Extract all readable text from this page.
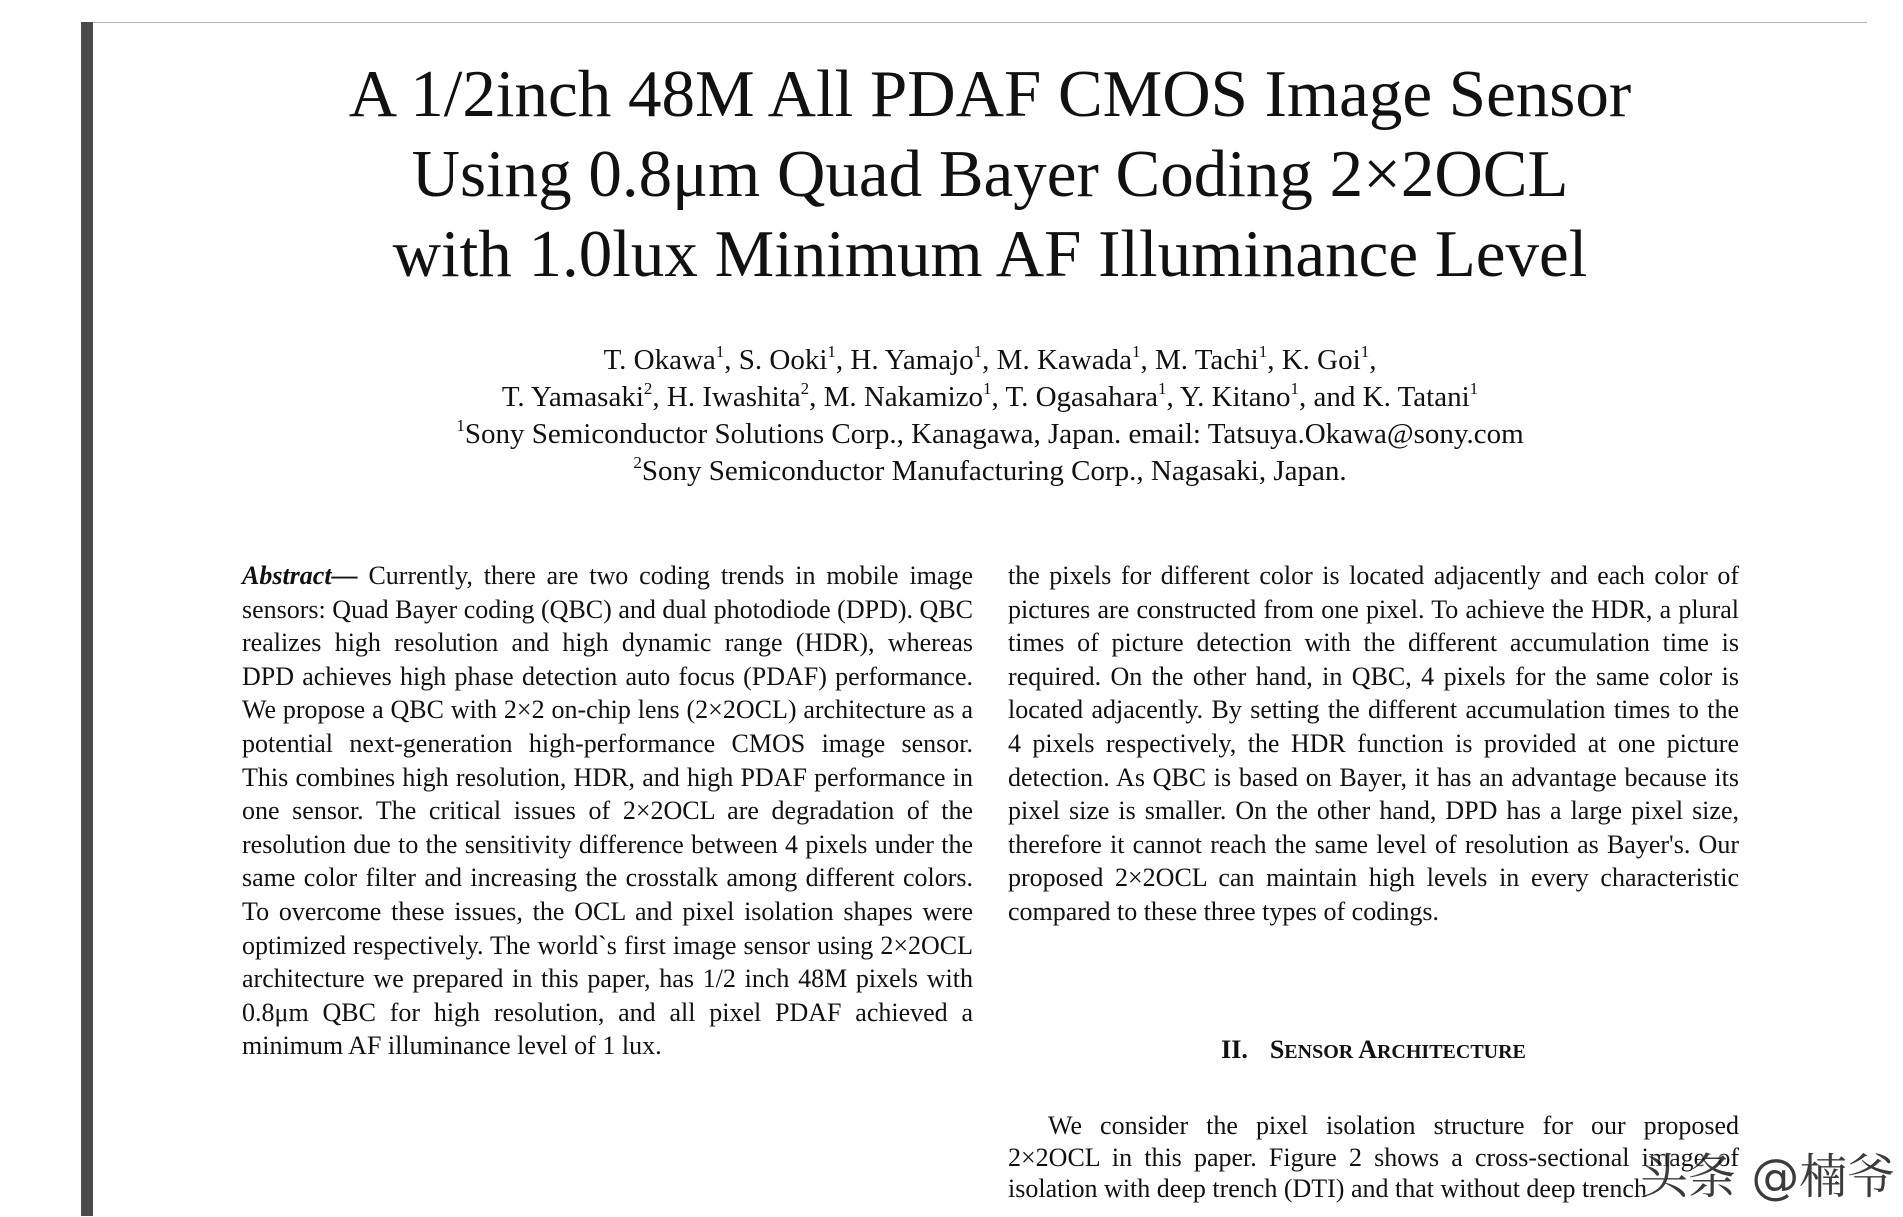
A 1/2inch 48M All PDAF CMOS Image Sensor
Using 0.8μm Quad Bayer Coding 2×2OCL
with 1.0lux Minimum AF Illuminance Level
T. Okawa$^1$, S. Ooki$^1$, H. Yamajo$^1$, M. Kawada$^1$, M. Tachi$^1$, K. Goi$^1$,
T. Yamasaki$^2$, H. Iwashita$^2$, M. Nakamizo$^1$, T. Ogasahara$^1$, Y. Kitano$^1$, and K. Tatani$^1$
$^1$Sony Semiconductor Solutions Corp., Kanagawa, Japan. email: Tatsuya.Okawa@sony.com
$^2$Sony Semiconductor Manufacturing Corp., Nagasaki, Japan.

Abstract— Currently, there are two coding trends in mobile image sensors: Quad Bayer coding (QBC) and dual photodiode (DPD). QBC realizes high resolution and high dynamic range (HDR), whereas DPD achieves high phase detection auto focus (PDAF) performance. We propose a QBC with 2×2 on-chip lens (2×2OCL) architecture as a potential next-generation high-performance CMOS image sensor. This combines high resolution, HDR, and high PDAF performance in one sensor. The critical issues of 2×2OCL are degradation of the resolution due to the sensitivity difference between 4 pixels under the same color filter and increasing the crosstalk among different colors. To overcome these issues, the OCL and pixel isolation shapes were optimized respectively. The world`s first image sensor using 2×2OCL architecture we prepared in this paper, has 1/2 inch 48M pixels with 0.8μm QBC for high resolution, and all pixel PDAF achieved a minimum AF illuminance level of 1 lux.

the pixels for different color is located adjacently and each color of pictures are constructed from one pixel. To achieve the HDR, a plural times of picture detection with the different accumulation time is required. On the other hand, in QBC, 4 pixels for the same color is located adjacently. By setting the different accumulation times to the 4 pixels respectively, the HDR function is provided at one picture detection. As QBC is based on Bayer, it has an advantage because its pixel size is smaller. On the other hand, DPD has a large pixel size, therefore it cannot reach the same level of resolution as Bayer's. Our proposed 2×2OCL can maintain high levels in every characteristic compared to these three types of codings.

II. SENSOR ARCHITECTURE

We consider the pixel isolation structure for our proposed 2×2OCL in this paper. Figure 2 shows a cross-sectional image of isolation with deep trench (DTI) and that without deep trench

头条 @楠爷
